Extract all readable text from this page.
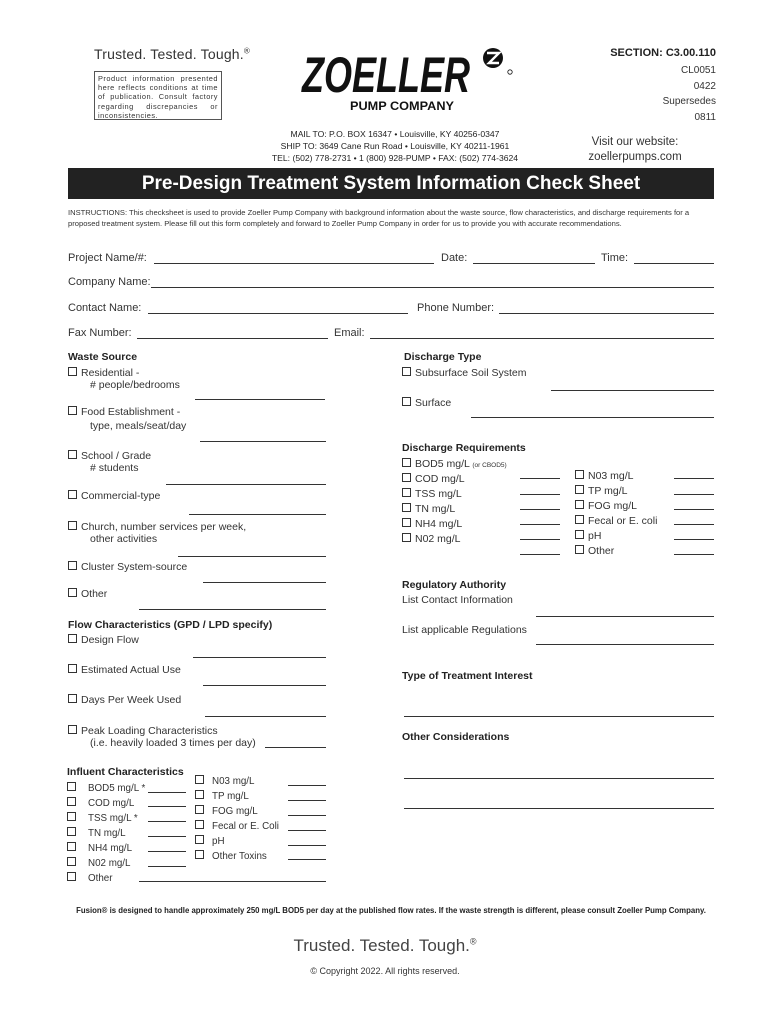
Trusted. Tested. Tough.®
Product information presented here reflects conditions at time of publication. Consult factory regarding discrepancies or inconsistencies.
ZOELLER
PUMP COMPANY
SECTION: C3.00.110
CL0051
0422
Supersedes
0811
MAIL TO: P.O. BOX 16347 • Louisville, KY 40256-0347
SHIP TO: 3649 Cane Run Road • Louisville, KY 40211-1961
TEL: (502) 778-2731 • 1 (800) 928-PUMP • FAX: (502) 774-3624
Visit our website:
zoellerpumps.com
Pre-Design Treatment System Information Check Sheet
INSTRUCTIONS: This checksheet is used to provide Zoeller Pump Company with background information about the waste source, flow characteristics, and discharge requirements for a proposed treatment system. Please fill out this form completely and forward to Zoeller Pump Company in order for us to provide you with accurate recommendations.
Project Name/#:	Date:	Time:
Company Name:
Contact Name:	Phone Number:
Fax Number:	Email:
Waste Source
Residential -
# people/bedrooms
Food Establishment -
type, meals/seat/day
School / Grade
# students
Commercial-type
Church, number services per week,
other activities
Cluster System-source
Other
Flow Characteristics (GPD / LPD specify)
Design Flow
Estimated Actual Use
Days Per Week Used
Peak Loading Characteristics
(i.e. heavily loaded 3 times per day)
Influent Characteristics
BOD5 mg/L *
COD mg/L
TSS mg/L *
TN mg/L
NH4 mg/L
N02 mg/L
Other
N03 mg/L
TP mg/L
FOG mg/L
Fecal or E. Coli
pH
Other Toxins
Discharge Type
Subsurface Soil System
Surface
Discharge Requirements
BOD5 mg/L (or CBOD5)
COD mg/L
TSS mg/L
TN mg/L
NH4 mg/L
N02 mg/L
N03 mg/L
TP mg/L
FOG mg/L
Fecal or E. coli
pH
Other
Regulatory Authority
List Contact Information
List applicable Regulations
Type of Treatment Interest
Other Considerations
Fusion® is designed to handle approximately 250 mg/L BOD5 per day at the published flow rates. If the waste strength is different, please consult Zoeller Pump Company.
Trusted. Tested. Tough.®
© Copyright 2022. All rights reserved.
